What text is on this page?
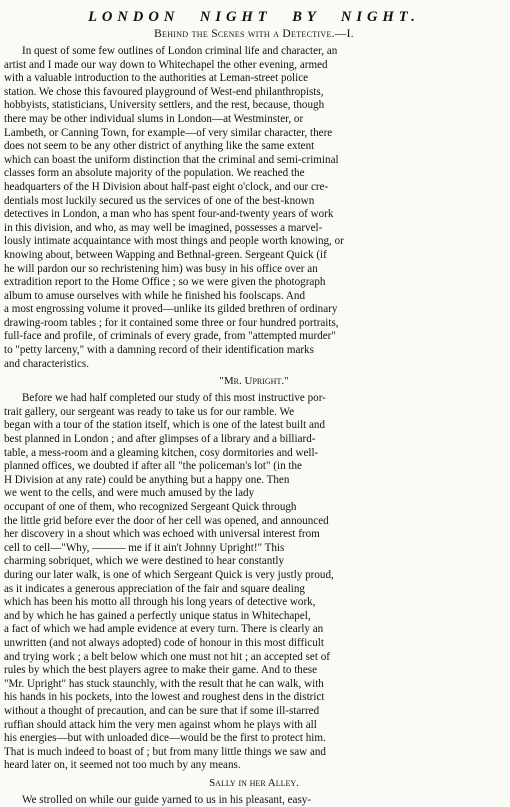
LONDON NIGHT BY NIGHT.
Behind the Scenes with a Detective.—I.
In quest of some few outlines of London criminal life and character, an
artist and I made our way down to Whitechapel the other evening, armed
with a valuable introduction to the authorities at Leman-street police
station. We chose this favoured playground of West-end philanthropists,
hobbyists, statisticians, University settlers, and the rest, because, though
there may be other individual slums in London—at Westminster, or
Lambeth, or Canning Town, for example—of very similar character, there
does not seem to be any other district of anything like the same extent
which can boast the uniform distinction that the criminal and semi-criminal
classes form an absolute majority of the population. We reached the
headquarters of the H Division about half-past eight o'clock, and our cre-
dentials most luckily secured us the services of one of the best-known
detectives in London, a man who has spent four-and-twenty years of work
in this division, and who, as may well be imagined, possesses a marvel-
lously intimate acquaintance with most things and people worth knowing, or
knowing about, between Wapping and Bethnal-green. Sergeant Quick (if
he will pardon our so rechristening him) was busy in his office over an
extradition report to the Home Office ; so we were given the photograph
album to amuse ourselves with while he finished his foolscaps. And
a most engrossing volume it proved—unlike its gilded brethren of ordinary
drawing-room tables ; for it contained some three or four hundred portraits,
full-face and profile, of criminals of every grade, from "attempted murder"
to "petty larceny," with a damning record of their identification marks
and characteristics.
"Mr. Upright."
Before we had half completed our study of this most instructive por-
trait gallery, our sergeant was ready to take us for our ramble. We
began with a tour of the station itself, which is one of the latest built and
best planned in London ; and after glimpses of a library and a billiard-
table, a mess-room and a gleaming kitchen, cosy dormitories and well-
planned offices, we doubted if after all "the policeman's lot" (in the
H Division at any rate) could be anything but a happy one. Then
we went to the cells, and were much amused by the lady
occupant of one of them, who recognized Sergeant Quick through
the little grid before ever the door of her cell was opened, and announced
her discovery in a shout which was echoed with universal interest from
cell to cell—"Why, ——— me if it ain't Johnny Upright!" This
charming sobriquet, which we were destined to hear constantly
during our later walk, is one of which Sergeant Quick is very justly proud,
as it indicates a generous appreciation of the fair and square dealing
which has been his motto all through his long years of detective work,
and by which he has gained a perfectly unique status in Whitechapel,
a fact of which we had ample evidence at every turn. There is clearly an
unwritten (and not always adopted) code of honour in this most difficult
and trying work ; a belt below which one must not hit ; an accepted set of
rules by which the best players agree to make their game. And to these
"Mr. Upright" has stuck staunchly, with the result that he can walk, with
his hands in his pockets, into the lowest and roughest dens in the district
without a thought of precaution, and can be sure that if some ill-starred
ruffian should attack him the very men against whom he plays with all
his energies—but with unloaded dice—would be the first to protect him.
That is much indeed to boast of ; but from many little things we saw and
heard later on, it seemed not too much by any means.
Sally in her Alley.
We strolled on while our guide yarned to us in his pleasant, easy-
